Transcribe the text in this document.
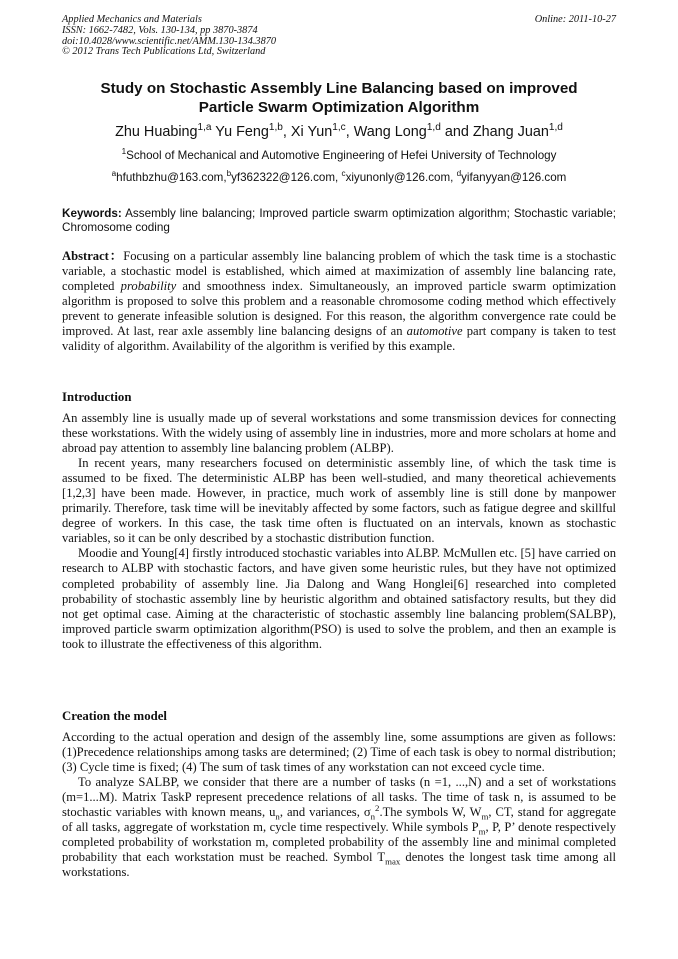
Applied Mechanics and Materials
ISSN: 1662-7482, Vols. 130-134, pp 3870-3874
doi:10.4028/www.scientific.net/AMM.130-134.3870
© 2012 Trans Tech Publications Ltd, Switzerland
Online: 2011-10-27
Study on Stochastic Assembly Line Balancing based on improved
Particle Swarm Optimization Algorithm
Zhu Huabing$^{1,a}$ Yu Feng$^{1,b}$, Xi Yun$^{1,c}$, Wang Long$^{1,d}$ and Zhang Juan$^{1,d}$
$^1$School of Mechanical and Automotive Engineering of Hefei University of Technology
$^a$hfuthbzhu@163.com,$^b$yf362322@126.com, $^c$xiyunonly@126.com, $^d$yifanyyan@126.com
Keywords: Assembly line balancing; Improved particle swarm optimization algorithm; Stochastic variable; Chromosome coding

Abstract：Focusing on a particular assembly line balancing problem of which the task time is a stochastic variable, a stochastic model is established, which aimed at maximization of assembly line balancing rate, completed probability and smoothness index. Simultaneously, an improved particle swarm optimization algorithm is proposed to solve this problem and a reasonable chromosome coding method which effectively prevent to generate infeasible solution is designed. For this reason, the algorithm convergence rate could be improved. At last, rear axle assembly line balancing designs of an automotive part company is taken to test validity of algorithm. Availability of the algorithm is verified by this example.

Introduction

An assembly line is usually made up of several workstations and some transmission devices for connecting these workstations. With the widely using of assembly line in industries, more and more scholars at home and abroad pay attention to assembly line balancing problem (ALBP).

In recent years, many researchers focused on deterministic assembly line, of which the task time is assumed to be fixed. The deterministic ALBP has been well-studied, and many theoretical achievements [1,2,3] have been made. However, in practice, much work of assembly line is still done by manpower primarily. Therefore, task time will be inevitably affected by some factors, such as fatigue degree and skillful degree of workers. In this case, the task time often is fluctuated on an intervals, known as stochastic variables, so it can be only described by a stochastic distribution function.

Moodie and Young[4] firstly introduced stochastic variables into ALBP. McMullen etc. [5] have carried on research to ALBP with stochastic factors, and have given some heuristic rules, but they have not optimized completed probability of assembly line. Jia Dalong and Wang Honglei[6] researched into completed probability of stochastic assembly line by heuristic algorithm and obtained satisfactory results, but they did not get optimal case. Aiming at the characteristic of stochastic assembly line balancing problem(SALBP), improved particle swarm optimization algorithm(PSO) is used to solve the problem, and then an example is took to illustrate the effectiveness of this algorithm.

Creation the model

According to the actual operation and design of the assembly line, some assumptions are given as follows:(1)Precedence relationships among tasks are determined; (2) Time of each task is obey to normal distribution; (3) Cycle time is fixed; (4) The sum of task times of any workstation can not exceed cycle time.

To analyze SALBP, we consider that there are a number of tasks (n =1, ...,N) and a set of workstations (m=1...M). Matrix TaskP represent precedence relations of all tasks. The time of task n, is assumed to be stochastic variables with known means, $u_n$, and variances, $\sigma_n^2.The$ symbols W, $W_m$, CT, stand for aggregate of all tasks, aggregate of workstation m, cycle time respectively. While symbols $P_m$, P, P’ denote respectively completed probability of workstation m, completed probability of the assembly line and minimal completed probability that each workstation must be reached. Symbol $T_{max}$ denotes the longest task time among all workstations.
